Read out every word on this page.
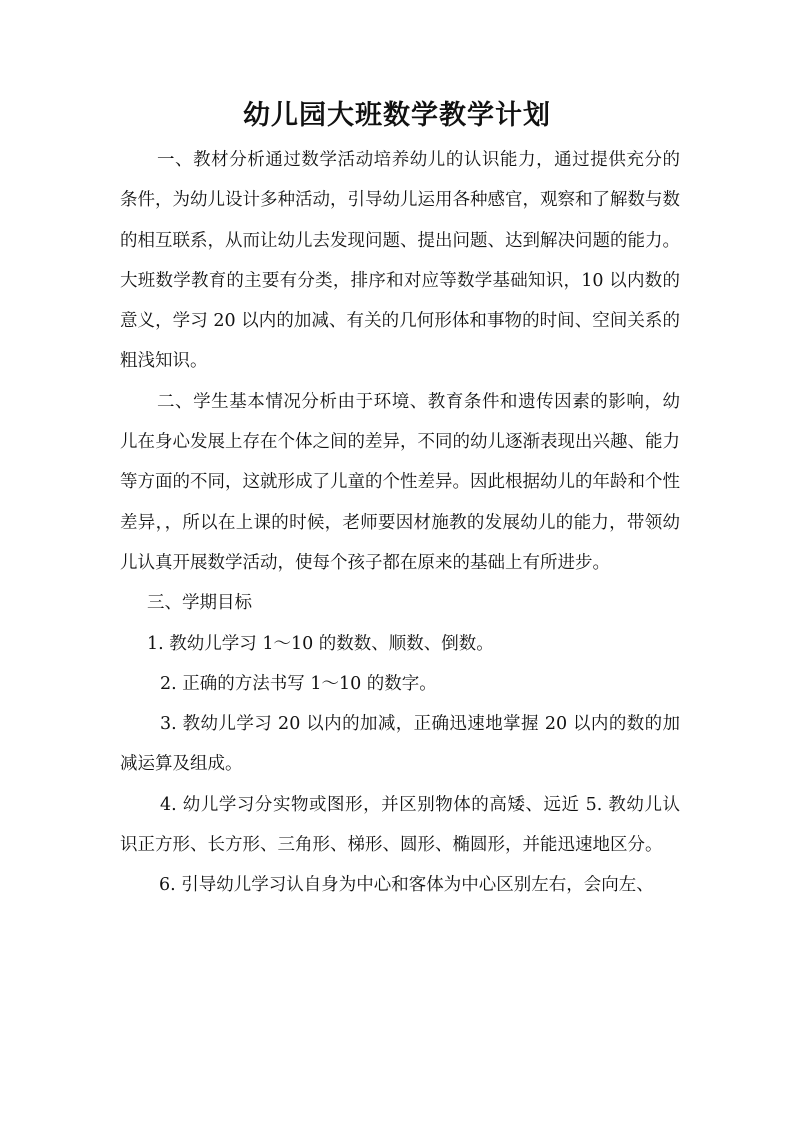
幼儿园大班数学教学计划

一、教材分析通过数学活动培养幼儿的认识能力，通过提供充分的条件，为幼儿设计多种活动，引导幼儿运用各种感官，观察和了解数与数的相互联系，从而让幼儿去发现问题、提出问题、达到解决问题的能力。大班数学教育的主要有分类，排序和对应等数学基础知识，10 以内数的意义，学习 20 以内的加减、有关的几何形体和事物的时间、空间关系的粗浅知识。

二、学生基本情况分析由于环境、教育条件和遗传因素的影响，幼儿在身心发展上存在个体之间的差异，不同的幼儿逐渐表现出兴趣、能力等方面的不同，这就形成了儿童的个性差异。因此根据幼儿的年龄和个性差异，，所以在上课的时候，老师要因材施教的发展幼儿的能力，带领幼儿认真开展数学活动，使每个孩子都在原来的基础上有所进步。

三、学期目标

1. 教幼儿学习 1～10 的数数、顺数、倒数。

2. 正确的方法书写 1～10 的数字。

3. 教幼儿学习 20 以内的加减，正确迅速地掌握 20 以内的数的加减运算及组成。

4. 幼儿学习分实物或图形，并区别物体的高矮、远近 5. 教幼儿认识正方形、长方形、三角形、梯形、圆形、椭圆形，并能迅速地区分。

6. 引导幼儿学习认自身为中心和客体为中心区别左右，会向左、
